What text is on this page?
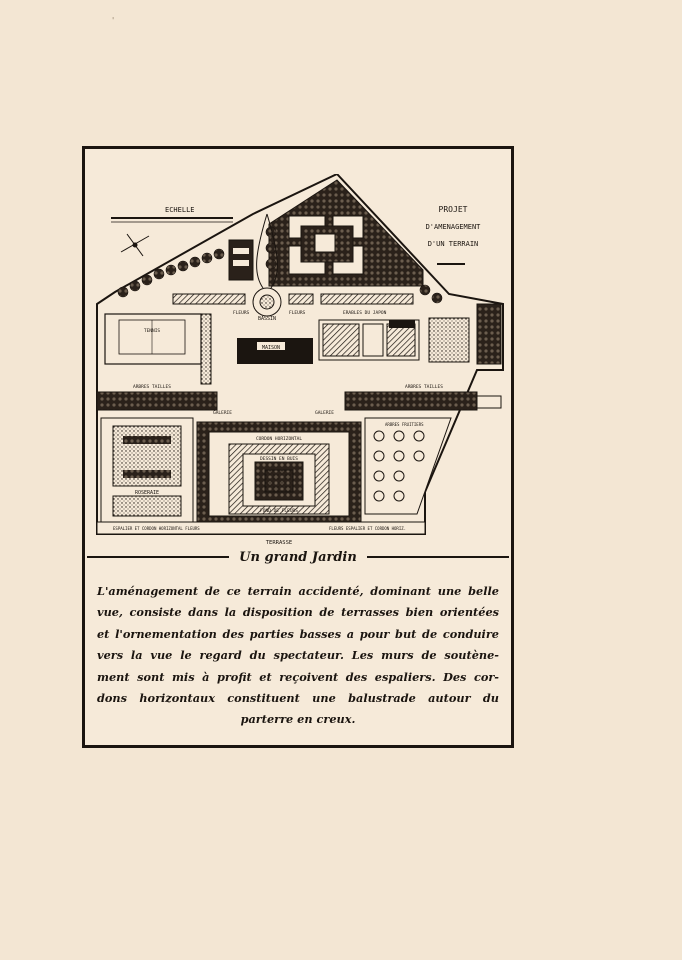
'
ECHELLE	PROJET
D'AMENAGEMENT
D'UN TERRAIN
BASSIN
FLEURS	FLEURS	ERABLES DU JAPON
TENNIS
MAISON
ARBRES TAILLES	ARBRES TAILLES
GALERIE	GALERIE
ROSERAIE
CORDON HORIZONTAL
DESSIN EN BUIS
FOND DE FLEURS
ARBRES FRUITIERS
ESPALIER ET CORDON HORIZONTAL FLEURS	FLEURS ESPALIER ET CORDON HORIZ.
TERRASSE
Un grand Jardin
L'aménagement de ce terrain accidenté, dominant une belle
vue, consiste dans la disposition de terrasses bien orientées
et l'ornementation des parties basses a pour but de conduire
vers la vue le regard du spectateur. Les murs de soutène-
ment sont mis à profit et reçoivent des espaliers. Des cor-
dons horizontaux constituent une balustrade autour du
parterre en creux.
